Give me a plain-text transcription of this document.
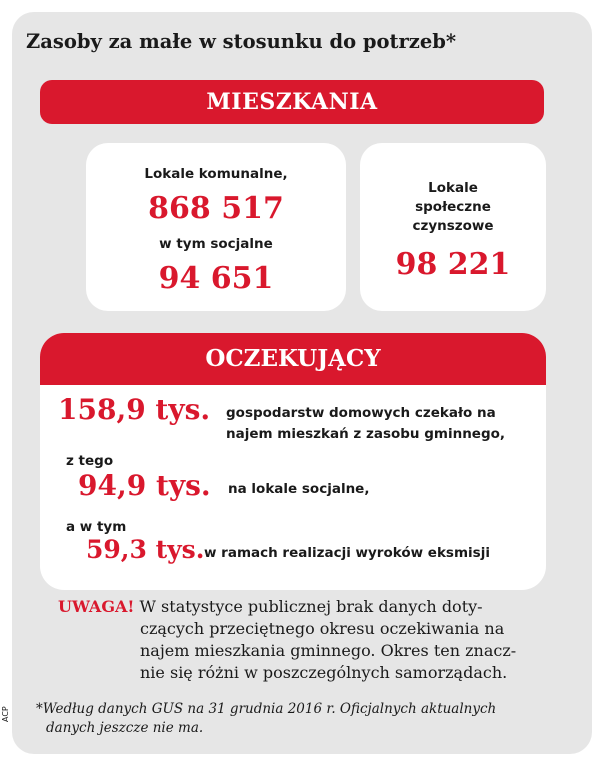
Zasoby za małe w stosunku do potrzeb*
MIESZKANIA
Lokale komunalne,
868 517
w tym socjalne
94 651
Lokale
społeczne
czynszowe
98 221
OCZEKUJĄCY
158,9 tys. gospodarstw domowych czekało na
najem mieszkań z zasobu gminnego,
z tego
94,9 tys. na lokale socjalne,
a w tym
59,3 tys. w ramach realizacji wyroków eksmisji
UWAGA! W statystyce publicznej brak danych doty-
czących przeciętnego okresu oczekiwania na
najem mieszkania gminnego. Okres ten znacz-
nie się różni w poszczególnych samorządach.
*Według danych GUS na 31 grudnia 2016 r. Oficjalnych aktualnych
danych jeszcze nie ma.
ACP
